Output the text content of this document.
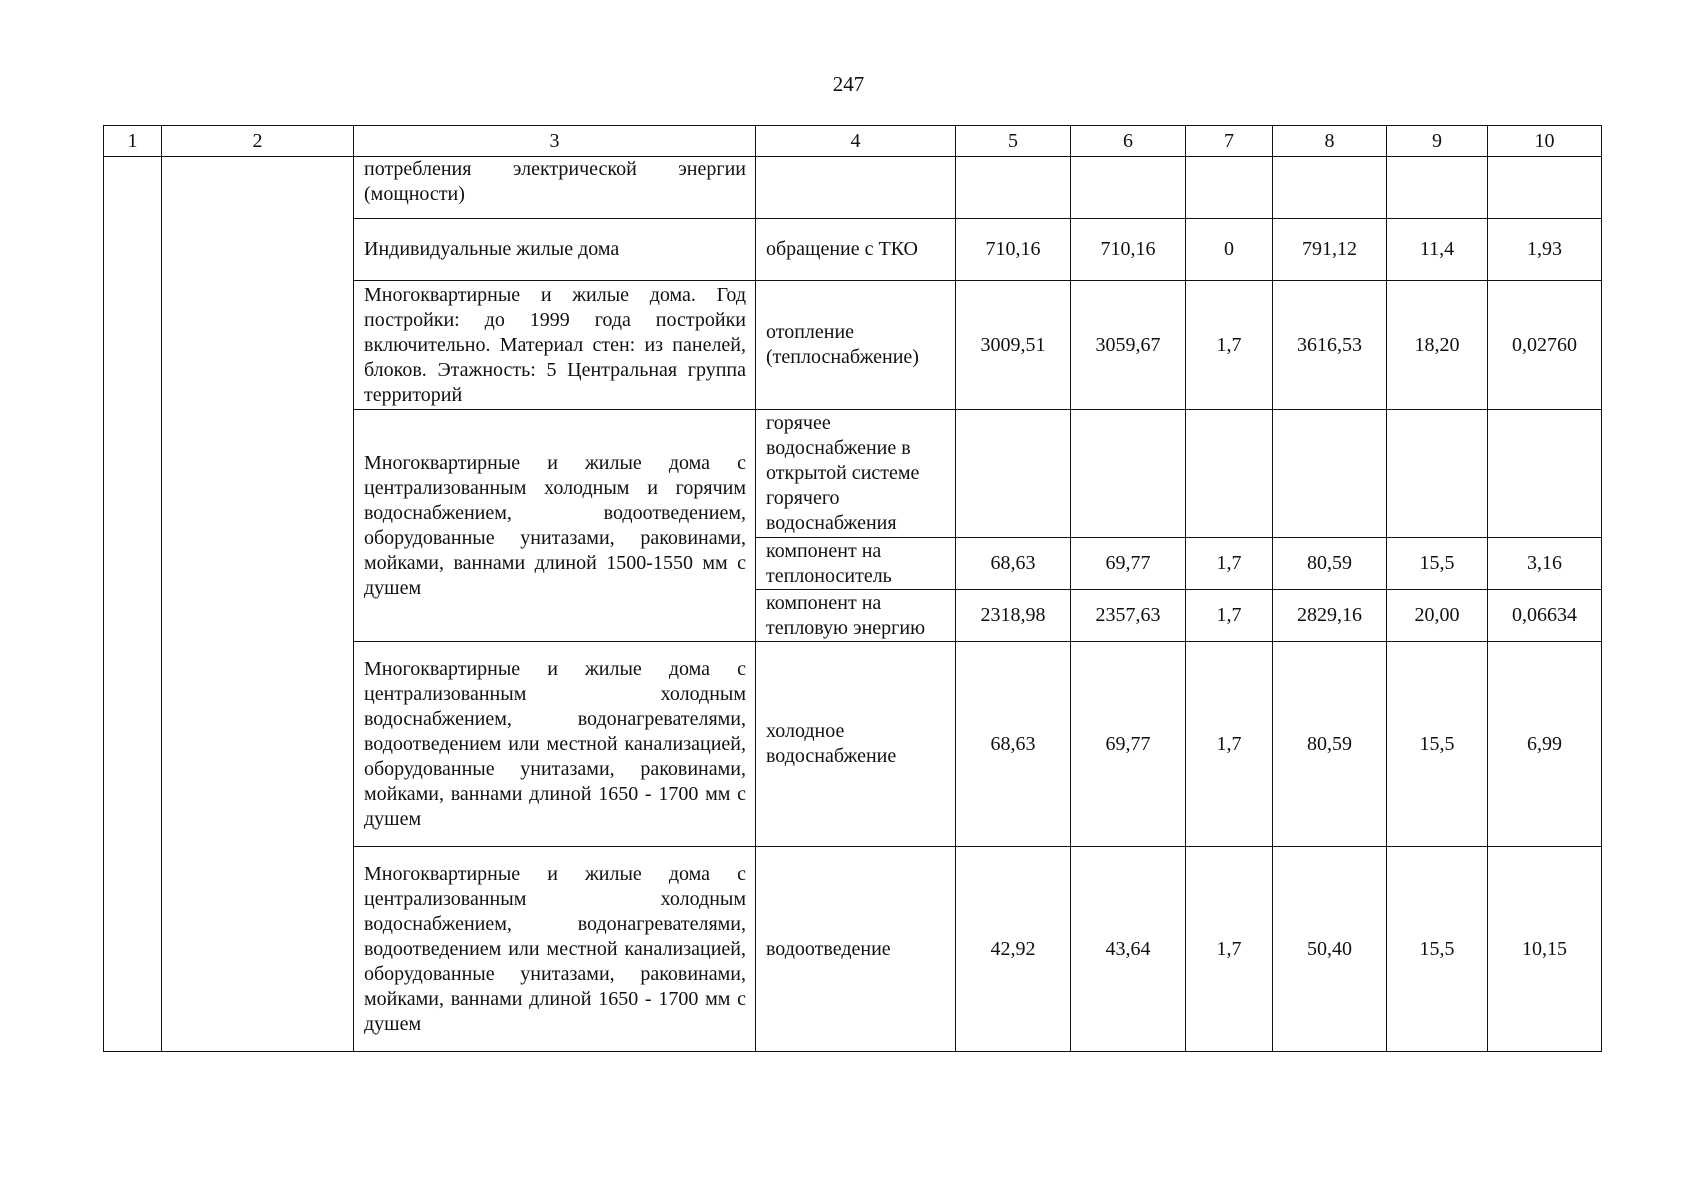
247
1	2	3	4	5	6	7	8	9	10
		потребления электрической энергии (мощности)							
		Индивидуальные жилые дома	обращение с ТКО	710,16	710,16	0	791,12	11,4	1,93
		Многоквартирные и жилые дома. Год постройки: до 1999 года постройки включительно. Материал стен: из панелей, блоков. Этажность: 5 Центральная группа территорий	отопление (теплоснабжение)	3009,51	3059,67	1,7	3616,53	18,20	0,02760
		Многоквартирные и жилые дома с централизованным холодным и горячим водоснабжением, водоотведением, оборудованные унитазами, раковинами, мойками, ваннами длиной 1500-1550 мм с душем	горячее водоснабжение в открытой системе горячего водоснабжения						
			компонент на теплоноситель	68,63	69,77	1,7	80,59	15,5	3,16
			компонент на тепловую энергию	2318,98	2357,63	1,7	2829,16	20,00	0,06634
		Многоквартирные и жилые дома с централизованным холодным водоснабжением, водонагревателями, водоотведением или местной канализацией, оборудованные унитазами, раковинами, мойками, ваннами длиной 1650 - 1700 мм с душем	холодное водоснабжение	68,63	69,77	1,7	80,59	15,5	6,99
		Многоквартирные и жилые дома с централизованным холодным водоснабжением, водонагревателями, водоотведением или местной канализацией, оборудованные унитазами, раковинами, мойками, ваннами длиной 1650 - 1700 мм с душем	водоотведение	42,92	43,64	1,7	50,40	15,5	10,15
